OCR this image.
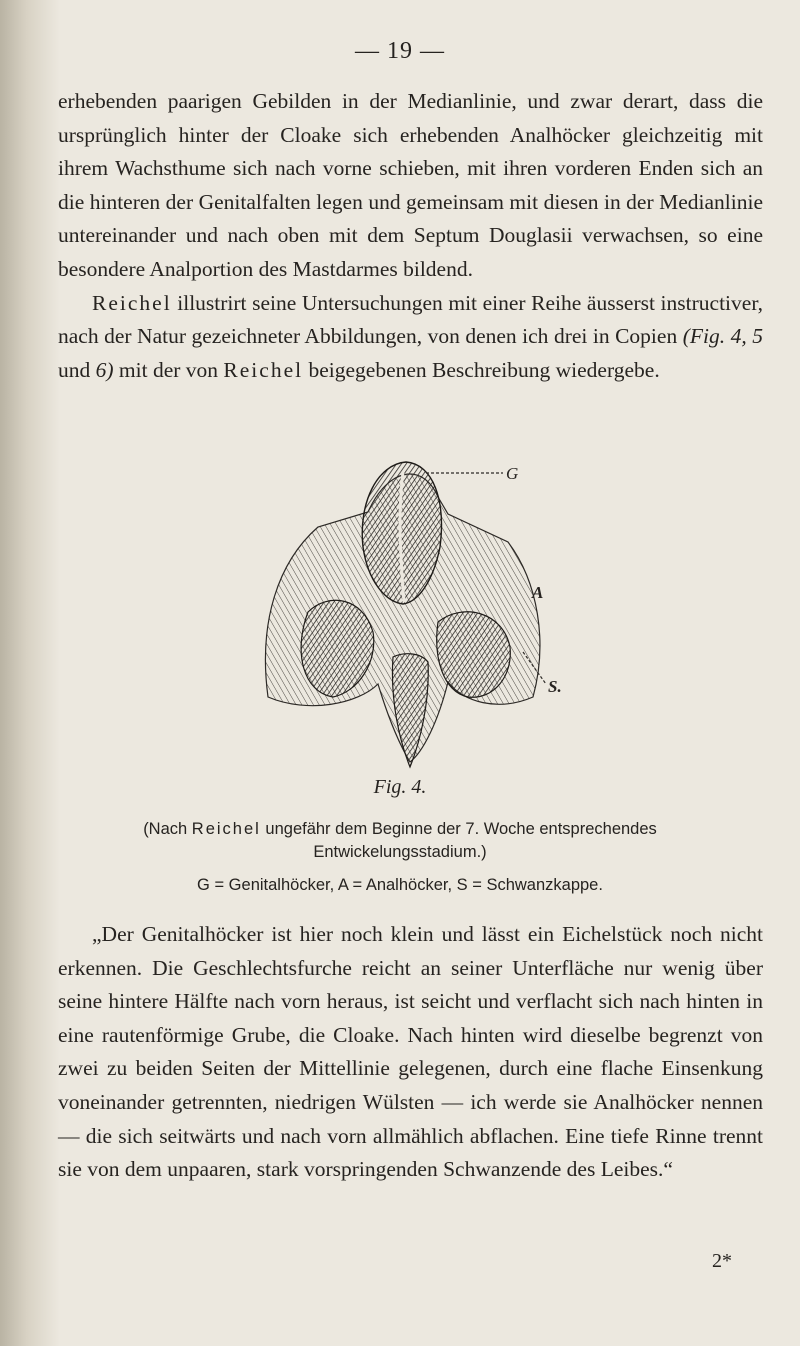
— 19 —

erhebenden paarigen Gebilden in der Medianlinie, und zwar derart, dass die ursprünglich hinter der Cloake sich erhebenden Analhöcker gleichzeitig mit ihrem Wachsthume sich nach vorne schieben, mit ihren vorderen Enden sich an die hinteren der Genitalfalten legen und gemeinsam mit diesen in der Medianlinie untereinander und nach oben mit dem Septum Douglasii verwachsen, so eine besondere Analportion des Mastdarmes bildend.

Reichel illustrirt seine Untersuchungen mit einer Reihe äusserst instructiver, nach der Natur gezeichneter Abbildungen, von denen ich drei in Copien (Fig. 4, 5 und 6) mit der von Reichel beigegebenen Beschreibung wiedergebe.

G
A
S.
Fig. 4.
(Nach Reichel ungefähr dem Beginne der 7. Woche entsprechendes
Entwickelungsstadium.)
G = Genitalhöcker, A = Analhöcker, S = Schwanzkappe.

„Der Genitalhöcker ist hier noch klein und lässt ein Eichelstück noch nicht erkennen. Die Geschlechtsfurche reicht an seiner Unterfläche nur wenig über seine hintere Hälfte nach vorn heraus, ist seicht und verflacht sich nach hinten in eine rautenförmige Grube, die Cloake. Nach hinten wird dieselbe begrenzt von zwei zu beiden Seiten der Mittellinie gelegenen, durch eine flache Einsenkung voneinander getrennten, niedrigen Wülsten — ich werde sie Analhöcker nennen — die sich seitwärts und nach vorn allmählich abflachen. Eine tiefe Rinne trennt sie von dem unpaaren, stark vorspringenden Schwanzende des Leibes.“

2*
